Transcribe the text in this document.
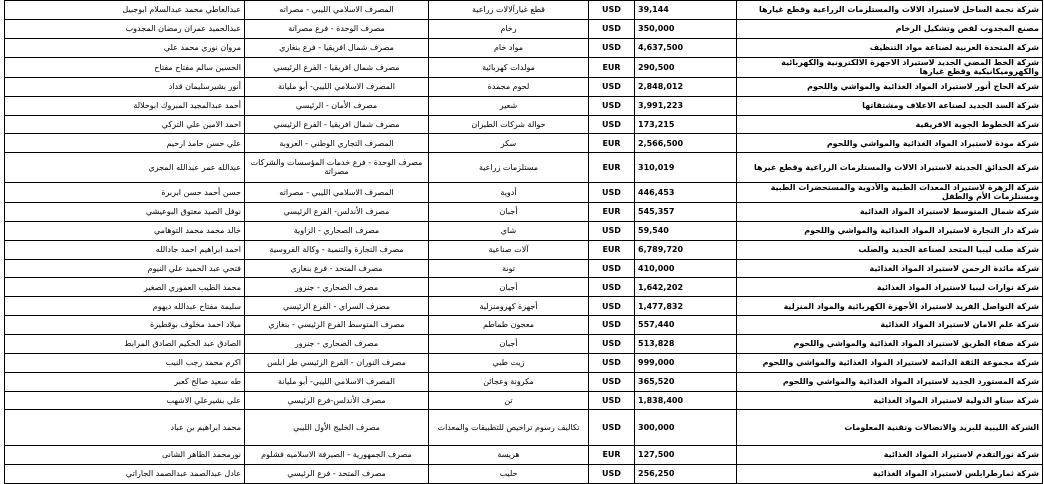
شركة نجمة الساحل لاستيراد الالات والمستلزمات الزراعية وقطع غيارها	39,144	USD	قطع غيارآلالات زراعية	المصرف الاسلامي الليبي - مصراته	عبدالعاطي محمد عبدالسلام ابوجبيل
مصنع المجدوب لقص وتشكيل الرخام	350,000	USD	رخام	مصرف الوحدة - فرع مصراتة	عبدالحميد عمران رمضان المجدوب
شركة المتحدة العربية لصناعة مواد التنظيف	4,637,500	USD	مواد خام	مصرف شمال افريقيا - فرع بنغازي	مروان نوري محمد علي
شركة الخط المضي الجديد لاستيراد الاجهزة الالكترونية والكهربائية والكهروميكانيكية وقطع غيارها	290,500	EUR	مولدات كهربائية	مصرف شمال افريقيا - الفرع الرئيسي	الحسين سالم مفتاح مفتاح
شركة الحاج أنور لاستيراد المواد الغذائية والمواشي واللحوم	2,848,012	USD	لحوم مجمدة	المصرف الاسلامي الليبي- أبو مليانة	أنور بشيرسليمان قداد
شركة السد الجديد لصناعة الاعلاف ومشتقاتها	3,991,223	USD	شعير	مصرف الأمان - الرئيسي	أحمد عبدالمجيد المبروك ابوحلالة
شركة الخطوط الجوية الافريقية	173,215	USD	حوالة شركات الطيران	مصرف شمال افريقيا - الفرع الرئيسي	احمد الامين علي التركي
شركة مودة لاستيراد المواد الغذائية والمواشي واللحوم	2,566,500	EUR	سكر	المصرف التجاري الوطني - العروبة	علي حسن حامد ارحيم
شركة الحدائق الحديثة لاستيراد الالات والمستلزمات الزراعية وقطع غيرها	310,019	EUR	مستلزمات زراعية	مصرف الوحدة - فرع خدمات المؤسسات والشركات مصراتة	عبدالله عمر عبدالله المجري
شركة الزهرة لاستيراد المعدات الطبية والأدوية والمستحضرات الطبية ومستلزمات الأم والطفل	446,453	USD	أدوية	المصرف الاسلامي الليبي - مصراته	حسن أحمد حسن ابربرة
شركة شمال المتوسط لاستيراد المواد الغذائية	545,357	EUR	أجبان	مصرف الأندلس- الفرع الرئيسي	نوفل الصيد معتوق البوعيشي
شركة دار التجارة لاستيراد المواد الغذائية والمواشي واللحوم	59,540	USD	شاي	مصرف الصحاري - الزاوية	خالد محمد محمد التوهامي
شركة صلب ليبيا المتحد لصناعة الحديد والصلب	6,789,720	EUR	آلات صناعية	مصرف التجارة والتنمية - وكالة الفروسية	احمد ابراهيم احمد جادالله
شركة مائدة الرحمن لاستيراد المواد الغذائية	410,000	USD	تونة	مصرف المتحد - فرع بنغازي	فتحي عبد الحميد علي النيوم
شركة نوارات ليبيا لاستيراد المواد الغذائية	1,642,202	USD	أجبان	مصرف الصحاري - جنزور	محمد الطيب العموري الصغير
شركة التواصل الفريد لاستيراد الأجهزة الكهربائية والمواد المنزلية	1,477,832	USD	أجهزة كهرومنزلية	مصرف السراي - الفرع الرئيسي	سليمة مفتاح عبدالله ديهوم
شركة علم الامان لاستيراد المواد الغذائية	557,440	USD	معجون طماطم	مصرف المتوسط الفرع الرئيسي - بنغازي	ميلاد احمد مخلوف بوقطيرة
شركة صفاء الطريق لاستيراد المواد الغذائية والمواشي واللحوم	513,828	USD	أجبان	مصرف الصحاري - جنزور	الصادق عبد الحكيم الصادق المرابط
شركة مجموعة الثقة الدائمة لاستيراد المواد الغذائية والمواشي واللحوم	999,000	USD	زيت طبي	مصرف النوران - الفرع الرئيسي طر ابلس	اكرم محمد رجب النيب
شركة المستورد الجديد لاستيراد المواد الغذائية والمواشي واللحوم	365,520	USD	مكرونة وعجائن	المصرف الاسلامي الليبي- أبو مليانة	طه سعيد صالح كعبر
شركة سناو الدولية لاستيراد المواد الغذائية	1,838,400	USD	تن	مصرف الأندلس-فرع الرئيسي	علي بشيرعلي الاشهب
الشركة الليبية للبريد والاتصالات وتقنية المعلومات	300,000	USD	تكاليف رسوم تراخيص للتطبيقات والمعدات	مصرف الخليج الأول الليبي	محمد ابراهيم بن عباد
شركة نورالتقدم لاستيراد المواد الغذائية	127,500	EUR	هريسة	مصرف الجمهورية - الصيرفة الاسلاميه فشلوم	نورمحمد الطاهر الشانى
شركة ثمارطرابلس لاستيراد المواد الغذائية	256,250	USD	حليب	مصرف المتحد - فرع الرئيسي	عادل عبدالصمد عبدالصمد الجاراتي
